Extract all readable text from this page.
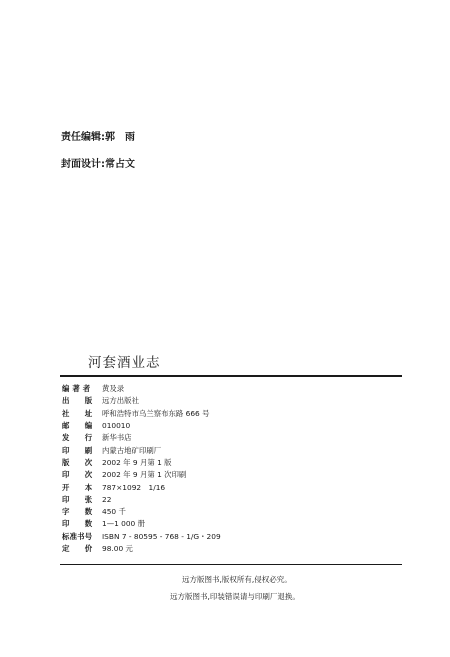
责任编辑:郭　雨
封面设计:常占文
河套酒业志
编 著 者	黄及录
出　　版	远方出版社
社　　址	呼和浩特市乌兰察布东路 666 号
邮　　编	010010
发　　行	新华书店
印　　刷	内蒙古地矿印刷厂
版　　次	2002 年 9 月第 1 版
印　　次	2002 年 9 月第 1 次印刷
开　　本	787×1092　1/16
印　　张	22
字　　数	450 千
印　　数	1—1 000 册
标准书号	ISBN 7 - 80595 - 768 - 1/G・209
定　　价	98.00 元
远方版图书,版权所有,侵权必究。
远方版图书,印装错误请与印刷厂退换。
